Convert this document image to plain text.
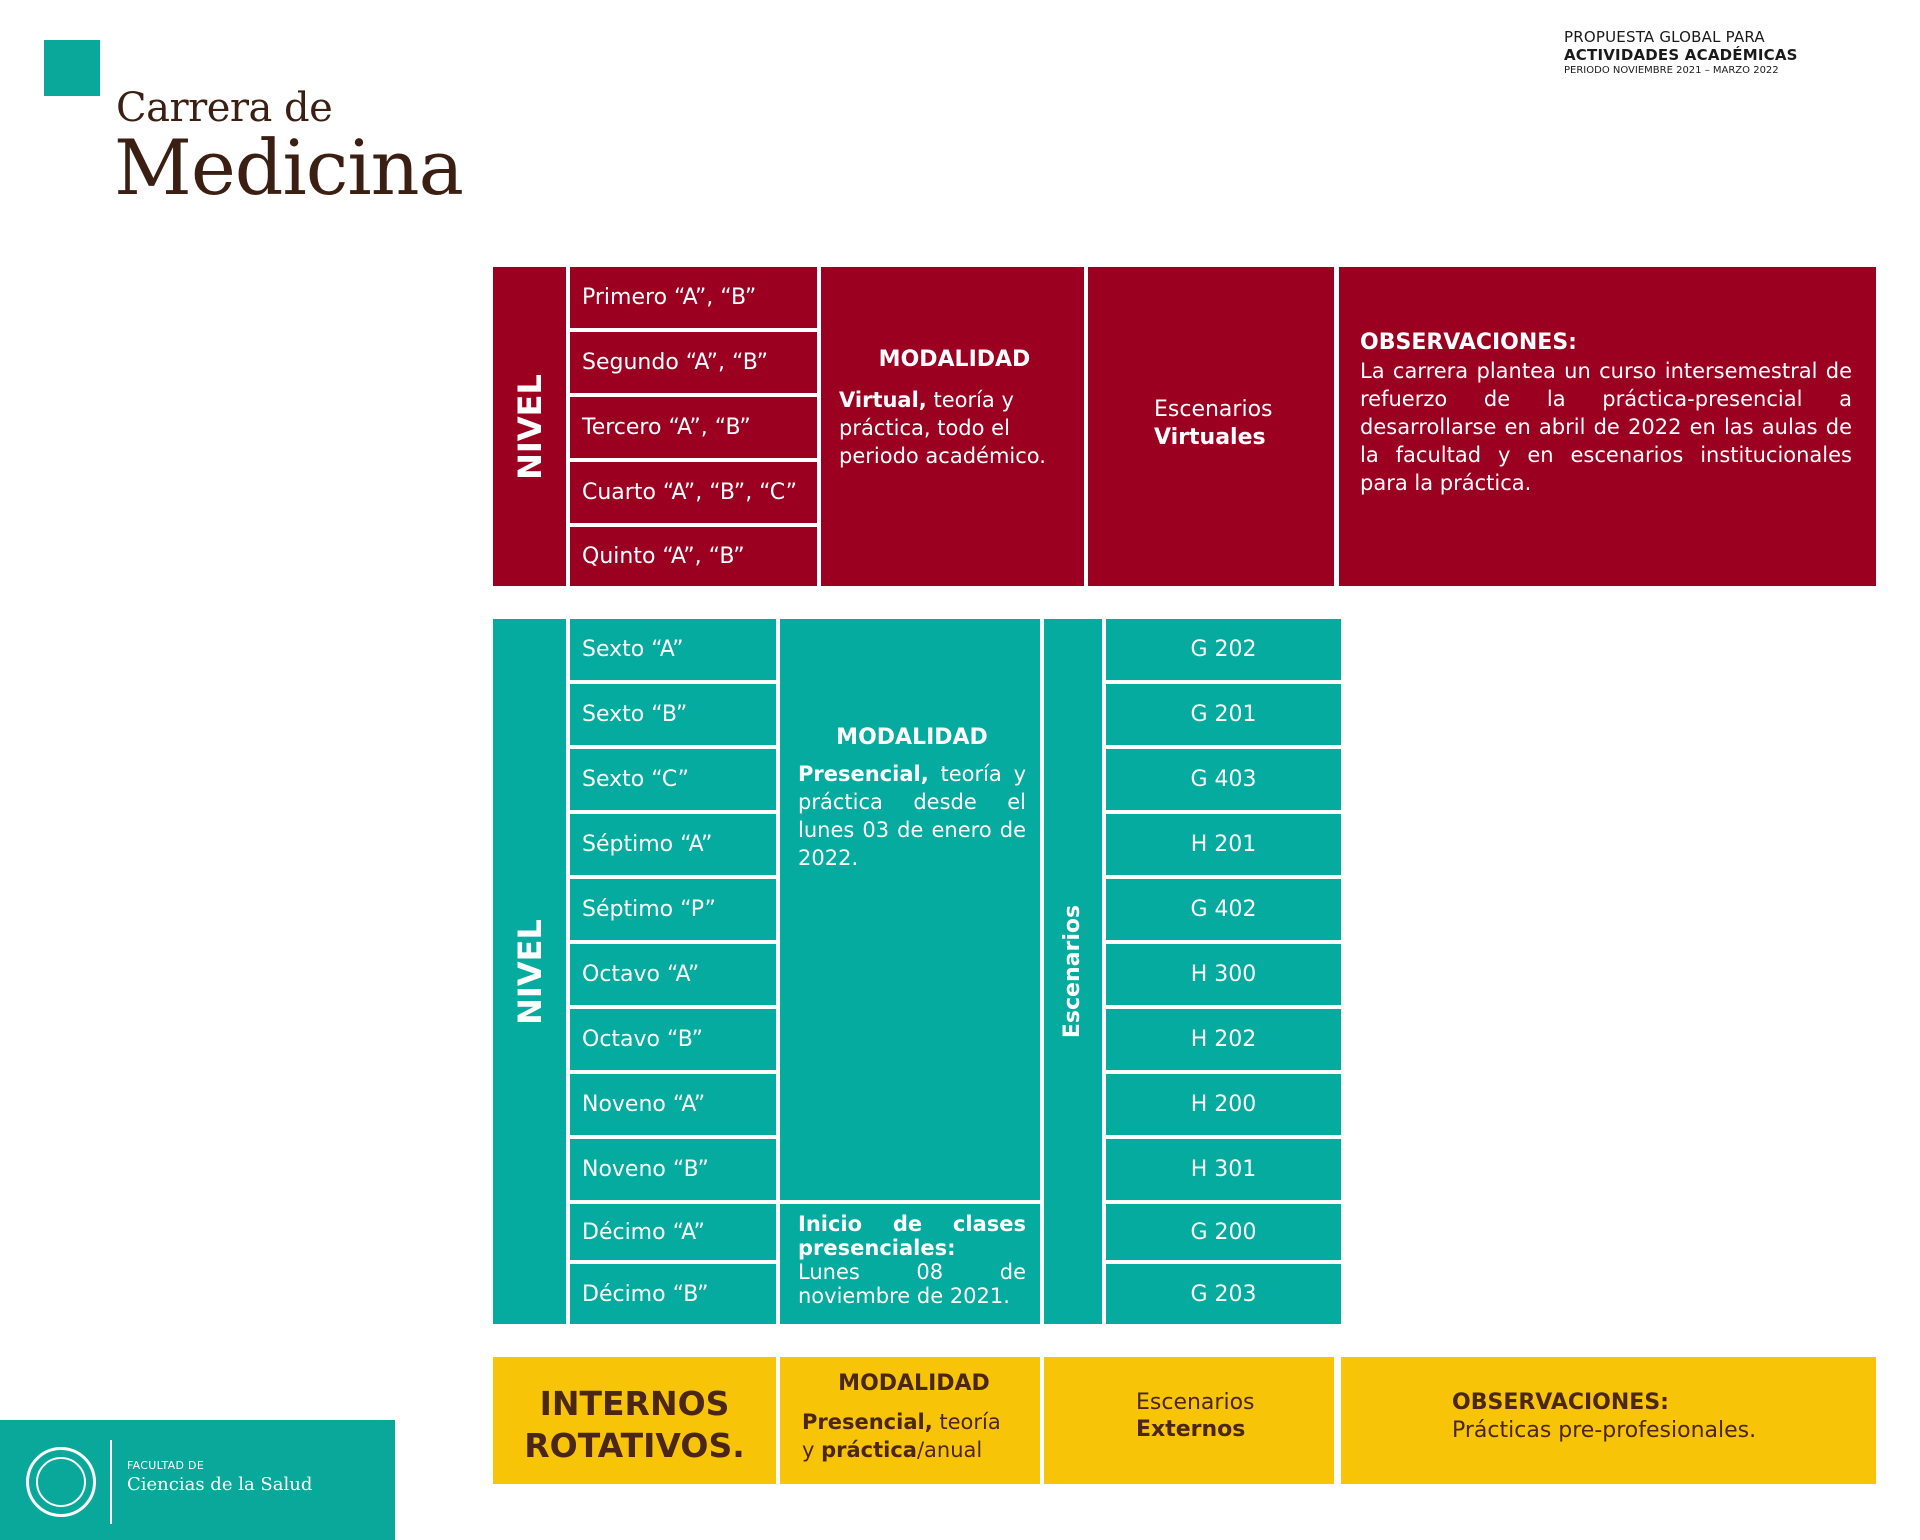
Carrera de
Medicina
PROPUESTA GLOBAL PARA
ACTIVIDADES ACADÉMICAS
PERIODO NOVIEMBRE 2021 – MARZO 2022
NIVEL
Primero “A”, “B”
Segundo “A”, “B”
Tercero “A”, “B”
Cuarto “A”, “B”, “C”
Quinto “A”, “B”
MODALIDAD
Virtual, teoría y práctica, todo el periodo académico.
Escenarios
Virtuales
OBSERVACIONES:
La carrera plantea un curso intersemestral de refuerzo de la práctica-presencial a desarrollarse en abril de 2022 en las aulas de la facultad y en escenarios institucionales para la práctica.
NIVEL
Sexto “A”
Sexto “B”
Sexto “C”
Séptimo “A”
Séptimo “P”
Octavo “A”
Octavo “B”
Noveno “A”
Noveno “B”
Décimo “A”
Décimo “B”
MODALIDAD
Presencial, teoría y práctica desde el lunes 03 de enero de 2022.
Inicio de clases presenciales:
Lunes 08 de noviembre de 2021.
Escenarios
G 202
G 201
G 403
H 201
G 402
H 300
H 202
H 200
H 301
G 200
G 203
INTERNOS
ROTATIVOS.
MODALIDAD
Presencial, teoría
y práctica/anual
Escenarios
Externos
OBSERVACIONES:
Prácticas pre-profesionales.
FACULTAD DE
Ciencias de la Salud
